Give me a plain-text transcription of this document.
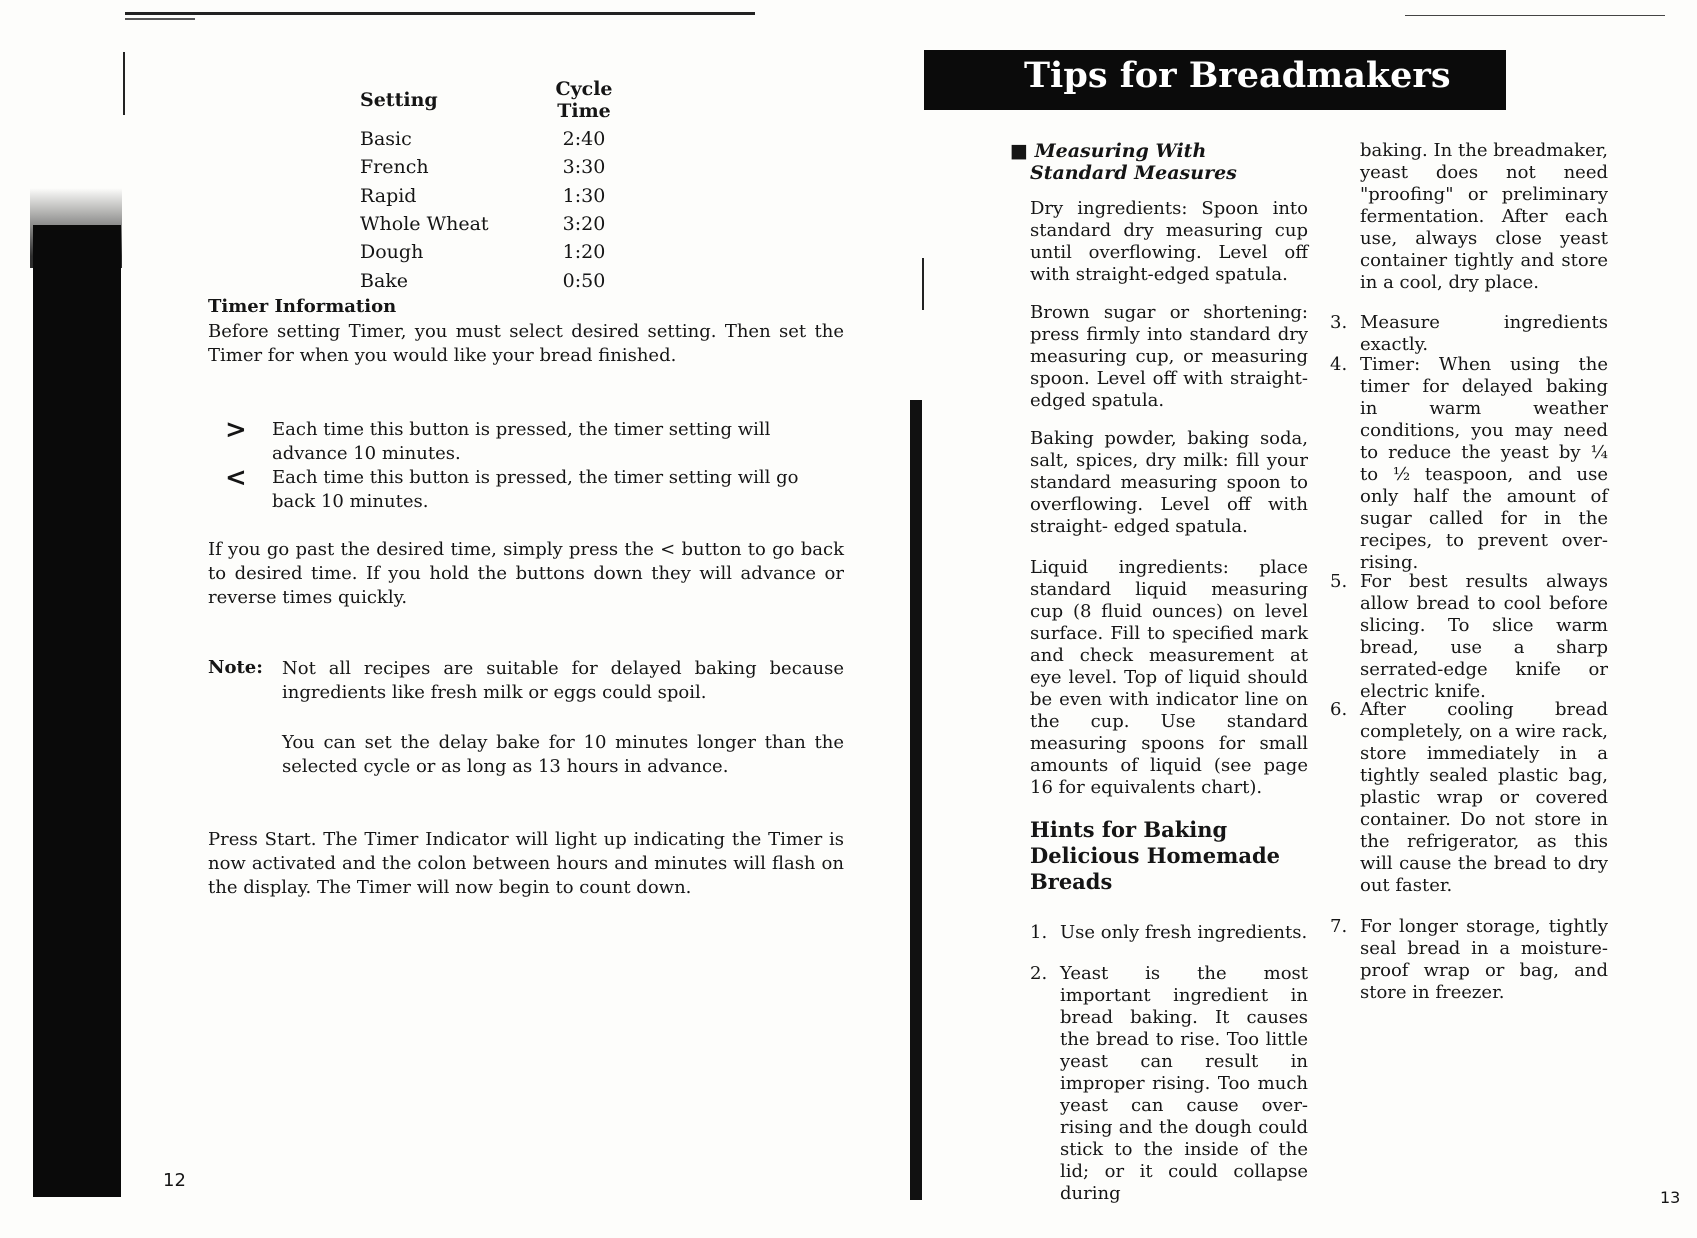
Setting	Cycle Time
Basic	2:40
French	3:30
Rapid	1:30
Whole Wheat	3:20
Dough	1:20
Bake	0:50
Timer Information
Before setting Timer, you must select desired setting. Then set the Timer for when you would like your bread finished.
>	Each time this button is pressed, the timer setting will advance 10 minutes.
<	Each time this button is pressed, the timer setting will go back 10 minutes.
If you go past the desired time, simply press the < button to go back to desired time. If you hold the buttons down they will advance or reverse times quickly.
Note:	Not all recipes are suitable for delayed baking because ingredients like fresh milk or eggs could spoil.
You can set the delay bake for 10 minutes longer than the selected cycle or as long as 13 hours in advance.
Press Start. The Timer Indicator will light up indicating the Timer is now activated and the colon between hours and minutes will flash on the display. The Timer will now begin to count down.
12
Tips for Breadmakers
■ Measuring With
Standard Measures
Dry ingredients: Spoon into standard dry measuring cup until overflowing. Level off with straight-edged spatula.
Brown sugar or shortening: press firmly into standard dry measuring cup, or measuring spoon. Level off with straight-edged spatula.
Baking powder, baking soda, salt, spices, dry milk: fill your standard measuring spoon to overflowing. Level off with straight- edged spatula.
Liquid ingredients: place standard liquid measuring cup (8 fluid ounces) on level surface. Fill to specified mark and check measurement at eye level. Top of liquid should be even with indicator line on the cup. Use standard measuring spoons for small amounts of liquid (see page 16 for equivalents chart).
Hints for Baking
Delicious Homemade
Breads
1. Use only fresh ingredients.
2. Yeast is the most important ingredient in bread baking. It causes the bread to rise. Too little yeast can result in improper rising. Too much yeast can cause over-rising and the dough could stick to the inside of the lid; or it could collapse during
baking. In the breadmaker, yeast does not need "proofing" or preliminary fermentation. After each use, always close yeast container tightly and store in a cool, dry place.
3. Measure ingredients exactly.
4. Timer: When using the timer for delayed baking in warm weather conditions, you may need to reduce the yeast by ¼ to ½ teaspoon, and use only half the amount of sugar called for in the recipes, to prevent over-rising.
5. For best results always allow bread to cool before slicing. To slice warm bread, use a sharp serrated-edge knife or electric knife.
6. After cooling bread completely, on a wire rack, store immediately in a tightly sealed plastic bag, plastic wrap or covered container. Do not store in the refrigerator, as this will cause the bread to dry out faster.
7. For longer storage, tightly seal bread in a moisture-proof wrap or bag, and store in freezer.
13
